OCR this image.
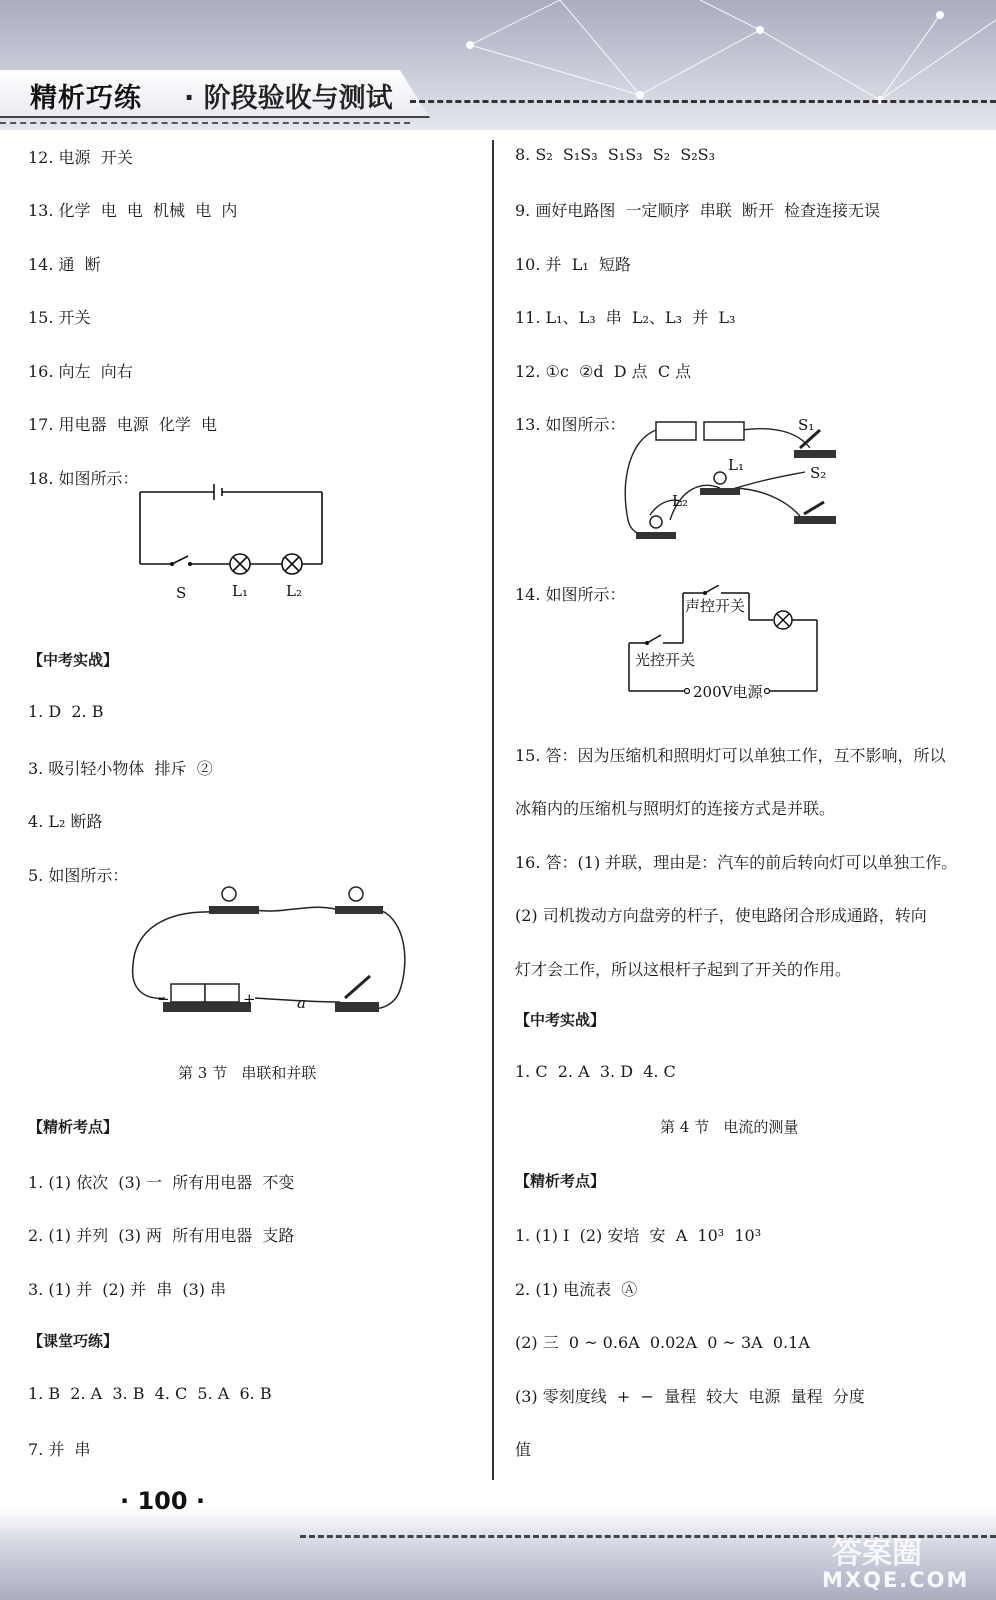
精析巧练 · 阶段验收与测试
12. 电源  开关
13. 化学  电  电  机械  电  内
14. 通  断
15. 开关
16. 向左  向右
17. 用电器  电源  化学  电
18. 如图所示：
S	L₁	L₂
【中考实战】
1. D  2. B
3. 吸引轻小物体  排斥  ②
4. L₂ 断路
5. 如图所示：
−	+	a
第 3 节   串联和并联
【精析考点】
1. (1) 依次  (3) 一  所有用电器  不变
2. (1) 并列  (3) 两  所有用电器  支路
3. (1) 并  (2) 并  串  (3) 串
【课堂巧练】
1. B  2. A  3. B  4. C  5. A  6. B
7. 并  串
8. S₂  S₁S₃  S₁S₃  S₂  S₂S₃
9. 画好电路图  一定顺序  串联  断开  检查连接无误
10. 并  L₁  短路
11. L₁、L₃  串  L₂、L₃  并  L₃
12. ①c  ②d  D 点  C 点
13. 如图所示：	S₁
S₂
L₁
L₂
14. 如图所示：
声控开关
光控开关
200V电源
15. 答：因为压缩机和照明灯可以单独工作，互不影响，所以
冰箱内的压缩机与照明灯的连接方式是并联。
16. 答：(1) 并联，理由是：汽车的前后转向灯可以单独工作。
(2) 司机拨动方向盘旁的杆子，使电路闭合形成通路，转向
灯才会工作，所以这根杆子起到了开关的作用。
【中考实战】
1. C  2. A  3. D  4. C
第 4 节   电流的测量
【精析考点】
1. (1) I  (2) 安培  安  A  10³  10³
2. (1) 电流表  Ⓐ
(2) 三  0 ~ 0.6A  0.02A  0 ~ 3A  0.1A
(3) 零刻度线  +  −  量程  较大  电源  量程  分度
值
· 100 ·
答案圈
MXQE.COM
